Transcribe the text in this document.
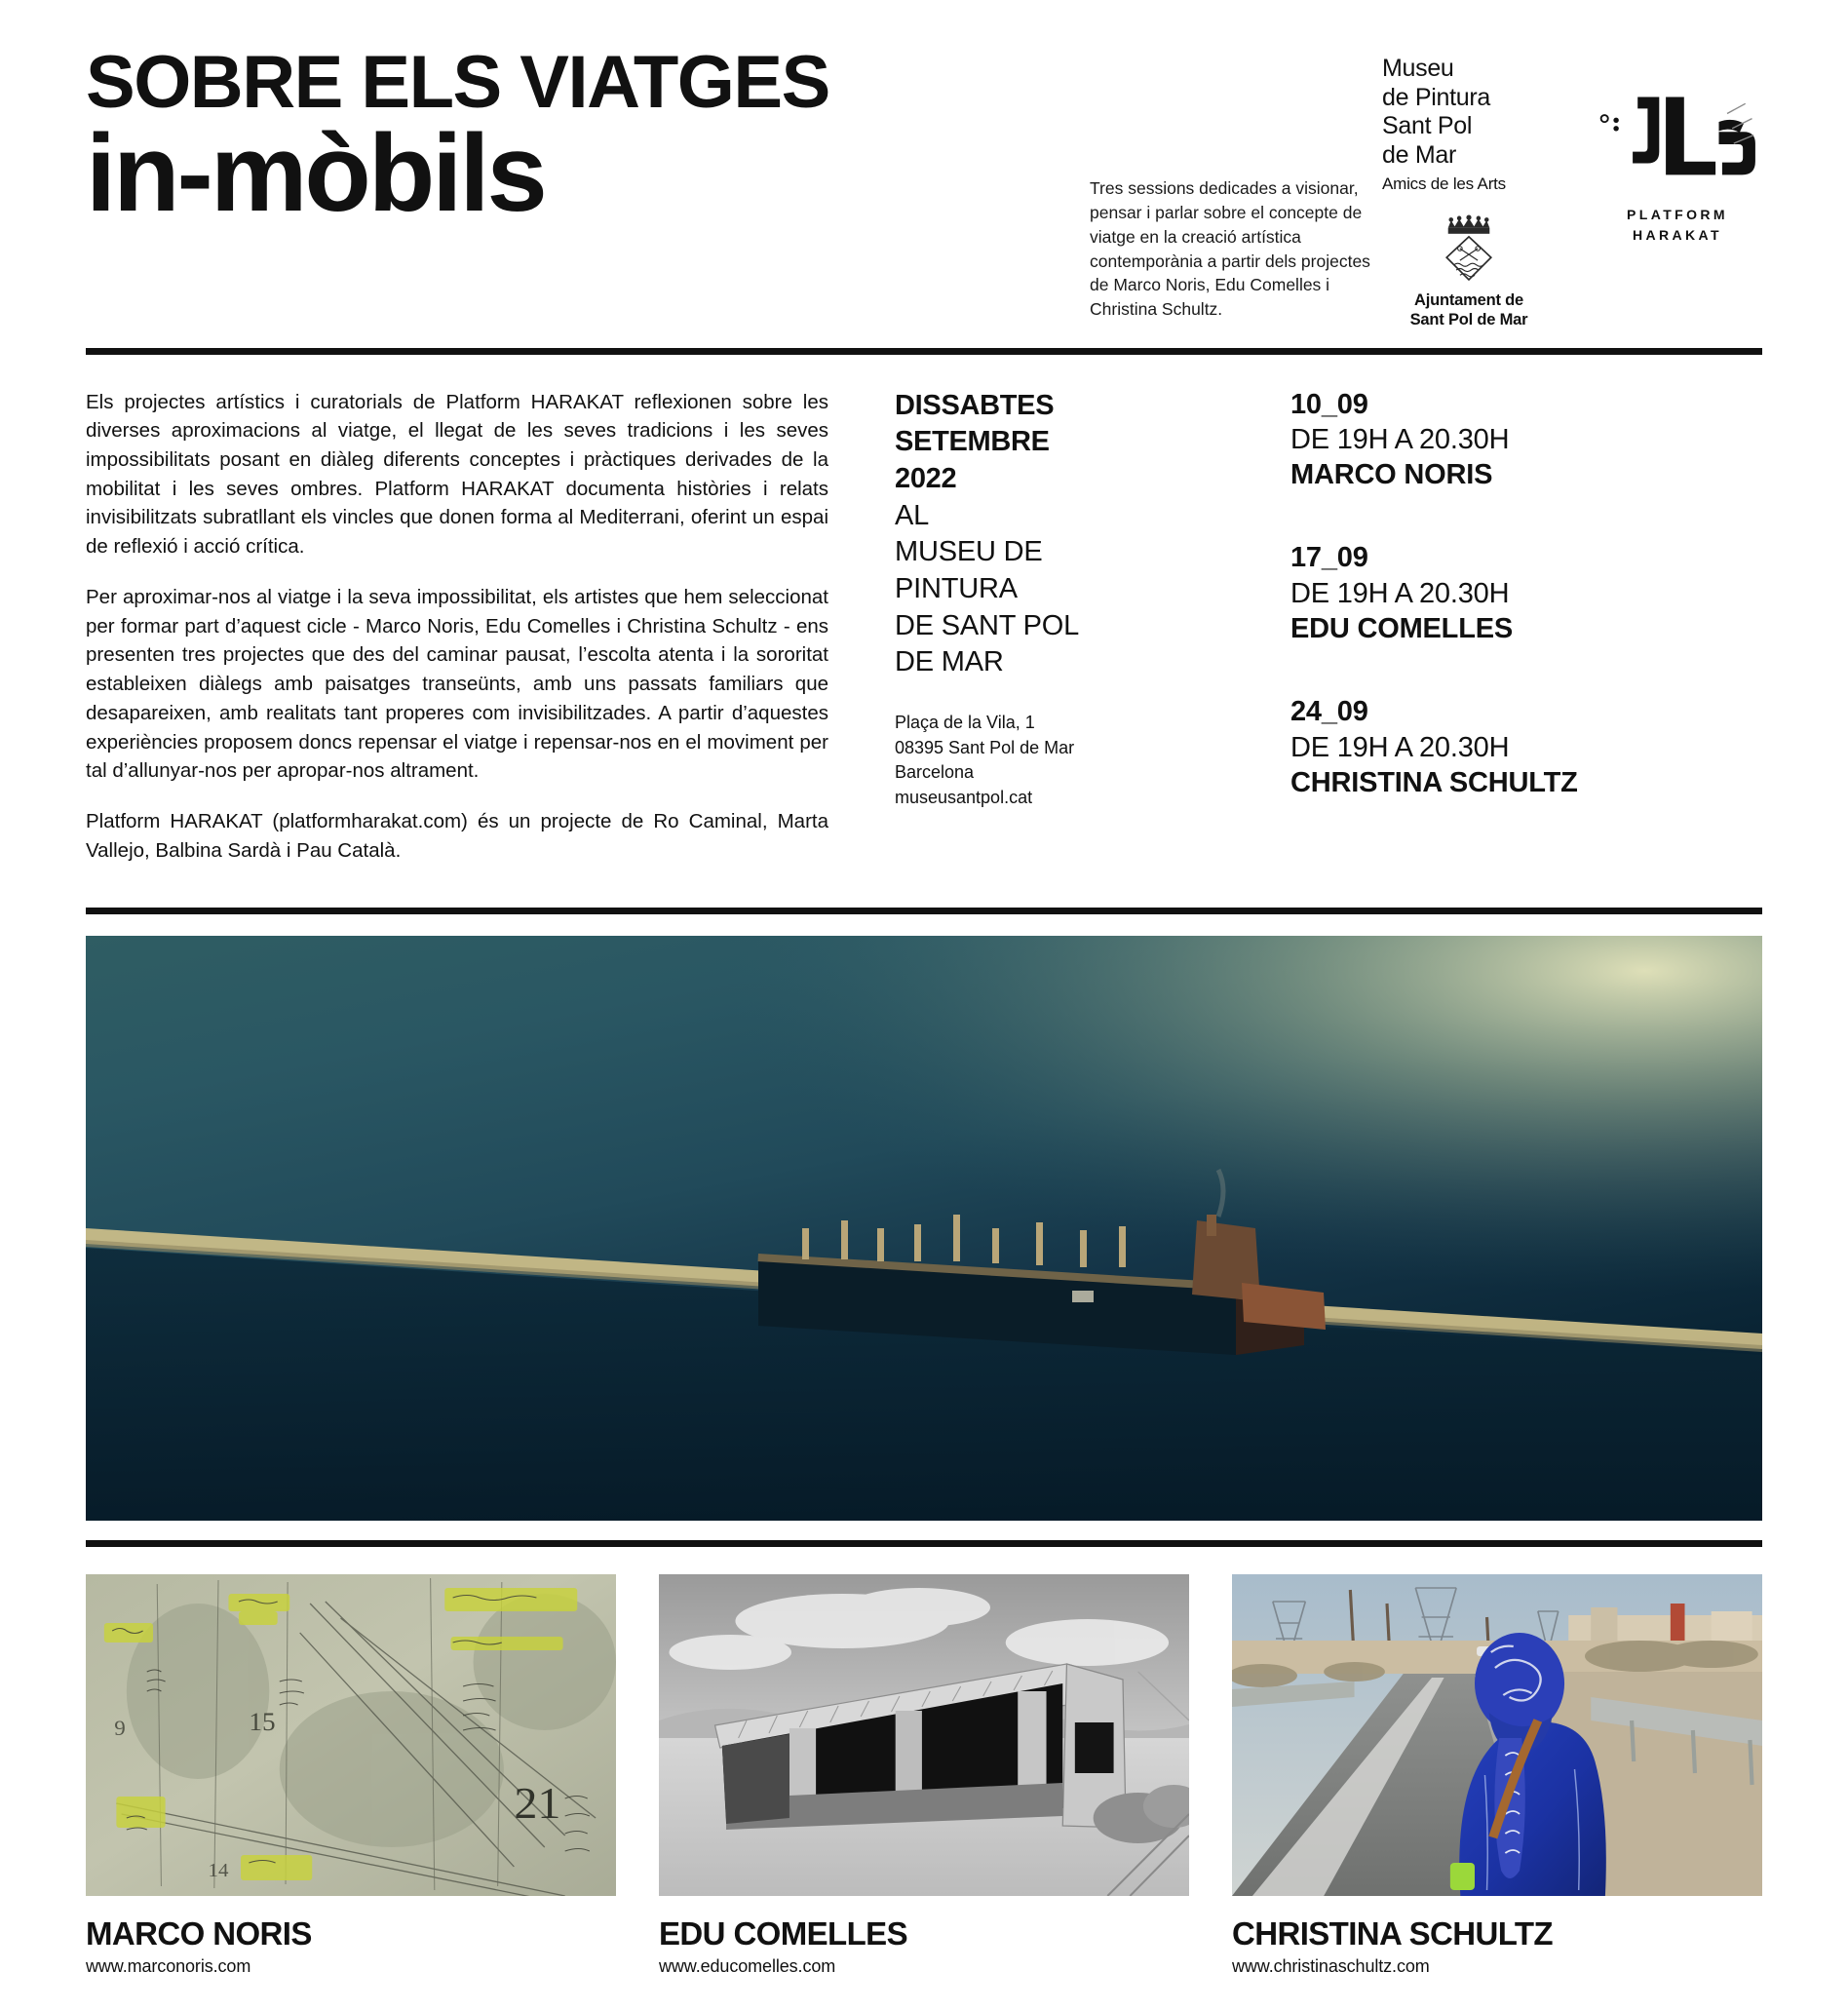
SOBRE ELS VIATGES
in-mòbils	Tres sessions dedicades a visionar, pensar i parlar sobre el concepte de viatge en la creació artística contemporània a partir dels projectes de Marco Noris, Edu Comelles i Christina Schultz.
Museu
de Pintura
Sant Pol
de Mar
Amics de les Arts
Ajuntament de
Sant Pol de Mar
PLATFORM
HARAKAT

Els projectes artístics i curatorials de Platform HARAKAT reflexionen sobre les diverses aproximacions al viatge, el llegat de les seves tradicions i les seves impossibilitats posant en diàleg diferents conceptes i pràctiques derivades de la mobilitat i les seves ombres. Platform HARAKAT documenta històries i relats invisibilitzats subratllant els vincles que donen forma al Mediterrani, oferint un espai de reflexió i acció crítica.

Per aproximar-nos al viatge i la seva impossibilitat, els artistes que hem seleccionat per formar part d’aquest cicle - Marco Noris, Edu Comelles i Christina Schultz - ens presenten tres projectes que des del caminar pausat, l’escolta atenta i la sororitat estableixen diàlegs amb paisatges transeünts, amb uns passats familiars que desapareixen, amb realitats tant properes com invisibilitzades. A partir d’aquestes experiències proposem doncs repensar el viatge i repensar-nos en el moviment per tal d’allunyar-nos per apropar-nos altrament.

Platform HARAKAT (platformharakat.com) és un projecte de Ro Caminal, Marta Vallejo, Balbina Sardà i Pau Català.

DISSABTES
SETEMBRE
2022
AL
MUSEU DE
PINTURA
DE SANT POL
DE MAR
Plaça de la Vila, 1
08395 Sant Pol de Mar
Barcelona
museusantpol.cat
10_09
DE 19H A 20.30H
MARCO NORIS
17_09
DE 19H A 20.30H
EDU COMELLES
24_09
DE 19H A 20.30H
CHRISTINA SCHULTZ
15
21
9
14
MARCO NORIS
www.marconoris.com
EDU COMELLES
www.educomelles.com
CHRISTINA SCHULTZ
www.christinaschultz.com
